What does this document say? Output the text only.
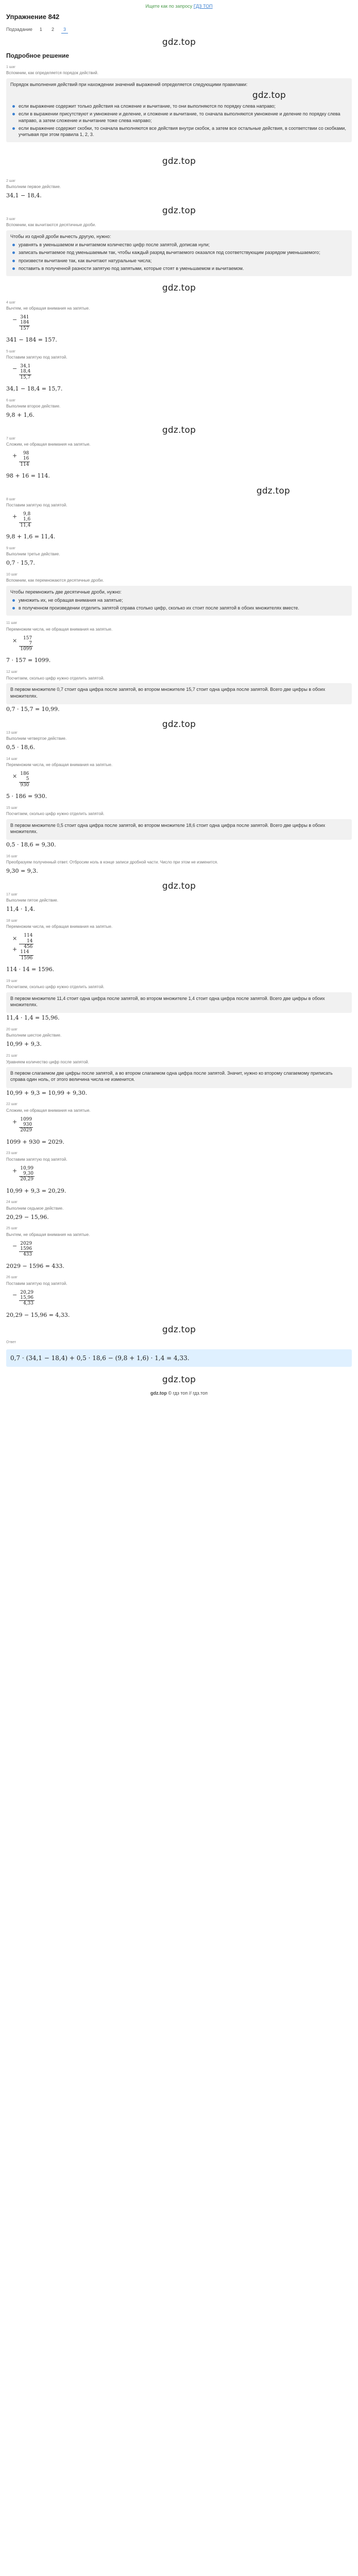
Ищете как по запросу ГДЗ ТОП
Упражнение 842
Подзадание	1	2	3
gdz.top
Подробное решение
1 шаг
Вспомним, как определяется порядок действий.

Порядок выполнения действий при нахождении значений выражений определяется следующими правилами:

gdz.top
если выражение содержит только действия на сложение и вычитание, то они выполняются по порядку слева направо;
если в выражении присутствуют и умножение и деление, и сложение и вычитание, то сначала выполняются умножение и деление по порядку слева направо, а затем сложение и вычитание тоже слева направо;
если выражение содержит скобки, то сначала выполняются все действия внутри скобок, а затем все остальные действия, в соответствии со скобками, учитывая при этом правила 1, 2, 3.
gdz.top
2 шаг
Выполним первое действие.
34,1 − 18,4.
gdz.top
3 шаг
Вспомним, как вычитаются десятичные дроби.

Чтобы из одной дроби вычесть другую, нужно:

уравнять в уменьшаемом и вычитаемом количество цифр после запятой, дописав нули;
записать вычитаемое под уменьшаемым так, чтобы каждый разряд вычитаемого оказался под соответствующим разрядом уменьшаемого;
произвести вычитание так, как вычитают натуральные числа;
поставить в полученной разности запятую под запятыми, которые стоят в уменьшаемом и вычитаемом.
gdz.top
4 шаг
Вычтем, не обращая внимания на запятые.
−	341
	184
	157
341 − 184 = 157.
5 шаг
Поставим запятую под запятой.
−	34,1
	18,4
	15,7
34,1 − 18,4 = 15,7.
6 шаг
Выполним второе действие.
9,8 + 1,6.
gdz.top
7 шаг
Сложим, не обращая внимания на запятые.
+	98
	16
	114
98 + 16 = 114.
gdz.top
8 шаг
Поставим запятую под запятой.
+	9,8
	1,6
	11,4
9,8 + 1,6 = 11,4.
9 шаг
Выполним третье действие.
0,7 · 15,7.
10 шаг
Вспомним, как перемножаются десятичные дроби.

Чтобы перемножить две десятичные дроби, нужно:

умножить их, не обращая внимания на запятые;
в полученном произведении отделить запятой справа столько цифр, сколько их стоит после запятой в обоих множителях вместе.
11 шаг
Перемножим числа, не обращая внимания на запятые.
×	157
	7
	1099
7 · 157 = 1099.
12 шаг
Посчитаем, сколько цифр нужно отделить запятой.

В первом множителе 0,7 стоит одна цифра после запятой, во втором множителе 15,7 стоит одна цифра после запятой. Всего две цифры в обоих множителях.

0,7 · 15,7 = 10,99.
gdz.top
13 шаг
Выполним четвертое действие.
0,5 · 18,6.
14 шаг
Перемножим числа, не обращая внимания на запятые.
×	186
	5
	930
5 · 186 = 930.
15 шаг
Посчитаем, сколько цифр нужно отделить запятой.

В первом множителе 0,5 стоит одна цифра после запятой, во втором множителе 18,6 стоит одна цифра после запятой. Всего две цифры в обоих множителях.

0,5 · 18,6 = 9,30.
16 шаг
Преобразуем полученный ответ. Отбросим ноль в конце записи дробной части. Число при этом не изменится.
9,30 = 9,3.
gdz.top
17 шаг
Выполним пятое действие.
11,4 · 1,4.
18 шаг
Перемножим числа, не обращая внимания на запятые.
×	114
	14
+	456
	114
	1596
114 · 14 = 1596.
19 шаг
Посчитаем, сколько цифр нужно отделить запятой.

В первом множителе 11,4 стоит одна цифра после запятой, во втором множителе 1,4 стоит одна цифра после запятой. Всего две цифры в обоих множителях.

11,4 · 1,4 = 15,96.
20 шаг
Выполним шестое действие.
10,99 + 9,3.
21 шаг
Уравняем количество цифр после запятой.

В первом слагаемом две цифры после запятой, а во втором слагаемом одна цифра после запятой. Значит, нужно ко второму слагаемому приписать справа один ноль, от этого величина числа не изменится.

10,99 + 9,3 = 10,99 + 9,30.
22 шаг
Сложим, не обращая внимания на запятые.
+	1099
	930
	2029
1099 + 930 = 2029.
23 шаг
Поставим запятую под запятой.
+	10,99
	9,30
	20,29
10,99 + 9,3 = 20,29.
24 шаг
Выполним седьмое действие.
20,29 − 15,96.
25 шаг
Вычтем, не обращая внимания на запятые.
−	2029
	1596
	433
2029 − 1596 = 433.
26 шаг
Поставим запятую под запятой.
−	20,29
	15,96
	4,33
20,29 − 15,96 = 4,33.
gdz.top
Ответ
0,7 · (34,1 − 18,4) + 0,5 · 18,6 − (9,8 + 1,6) · 1,4 = 4,33.
gdz.top
gdz.top © гдз топ // гдз.топ
